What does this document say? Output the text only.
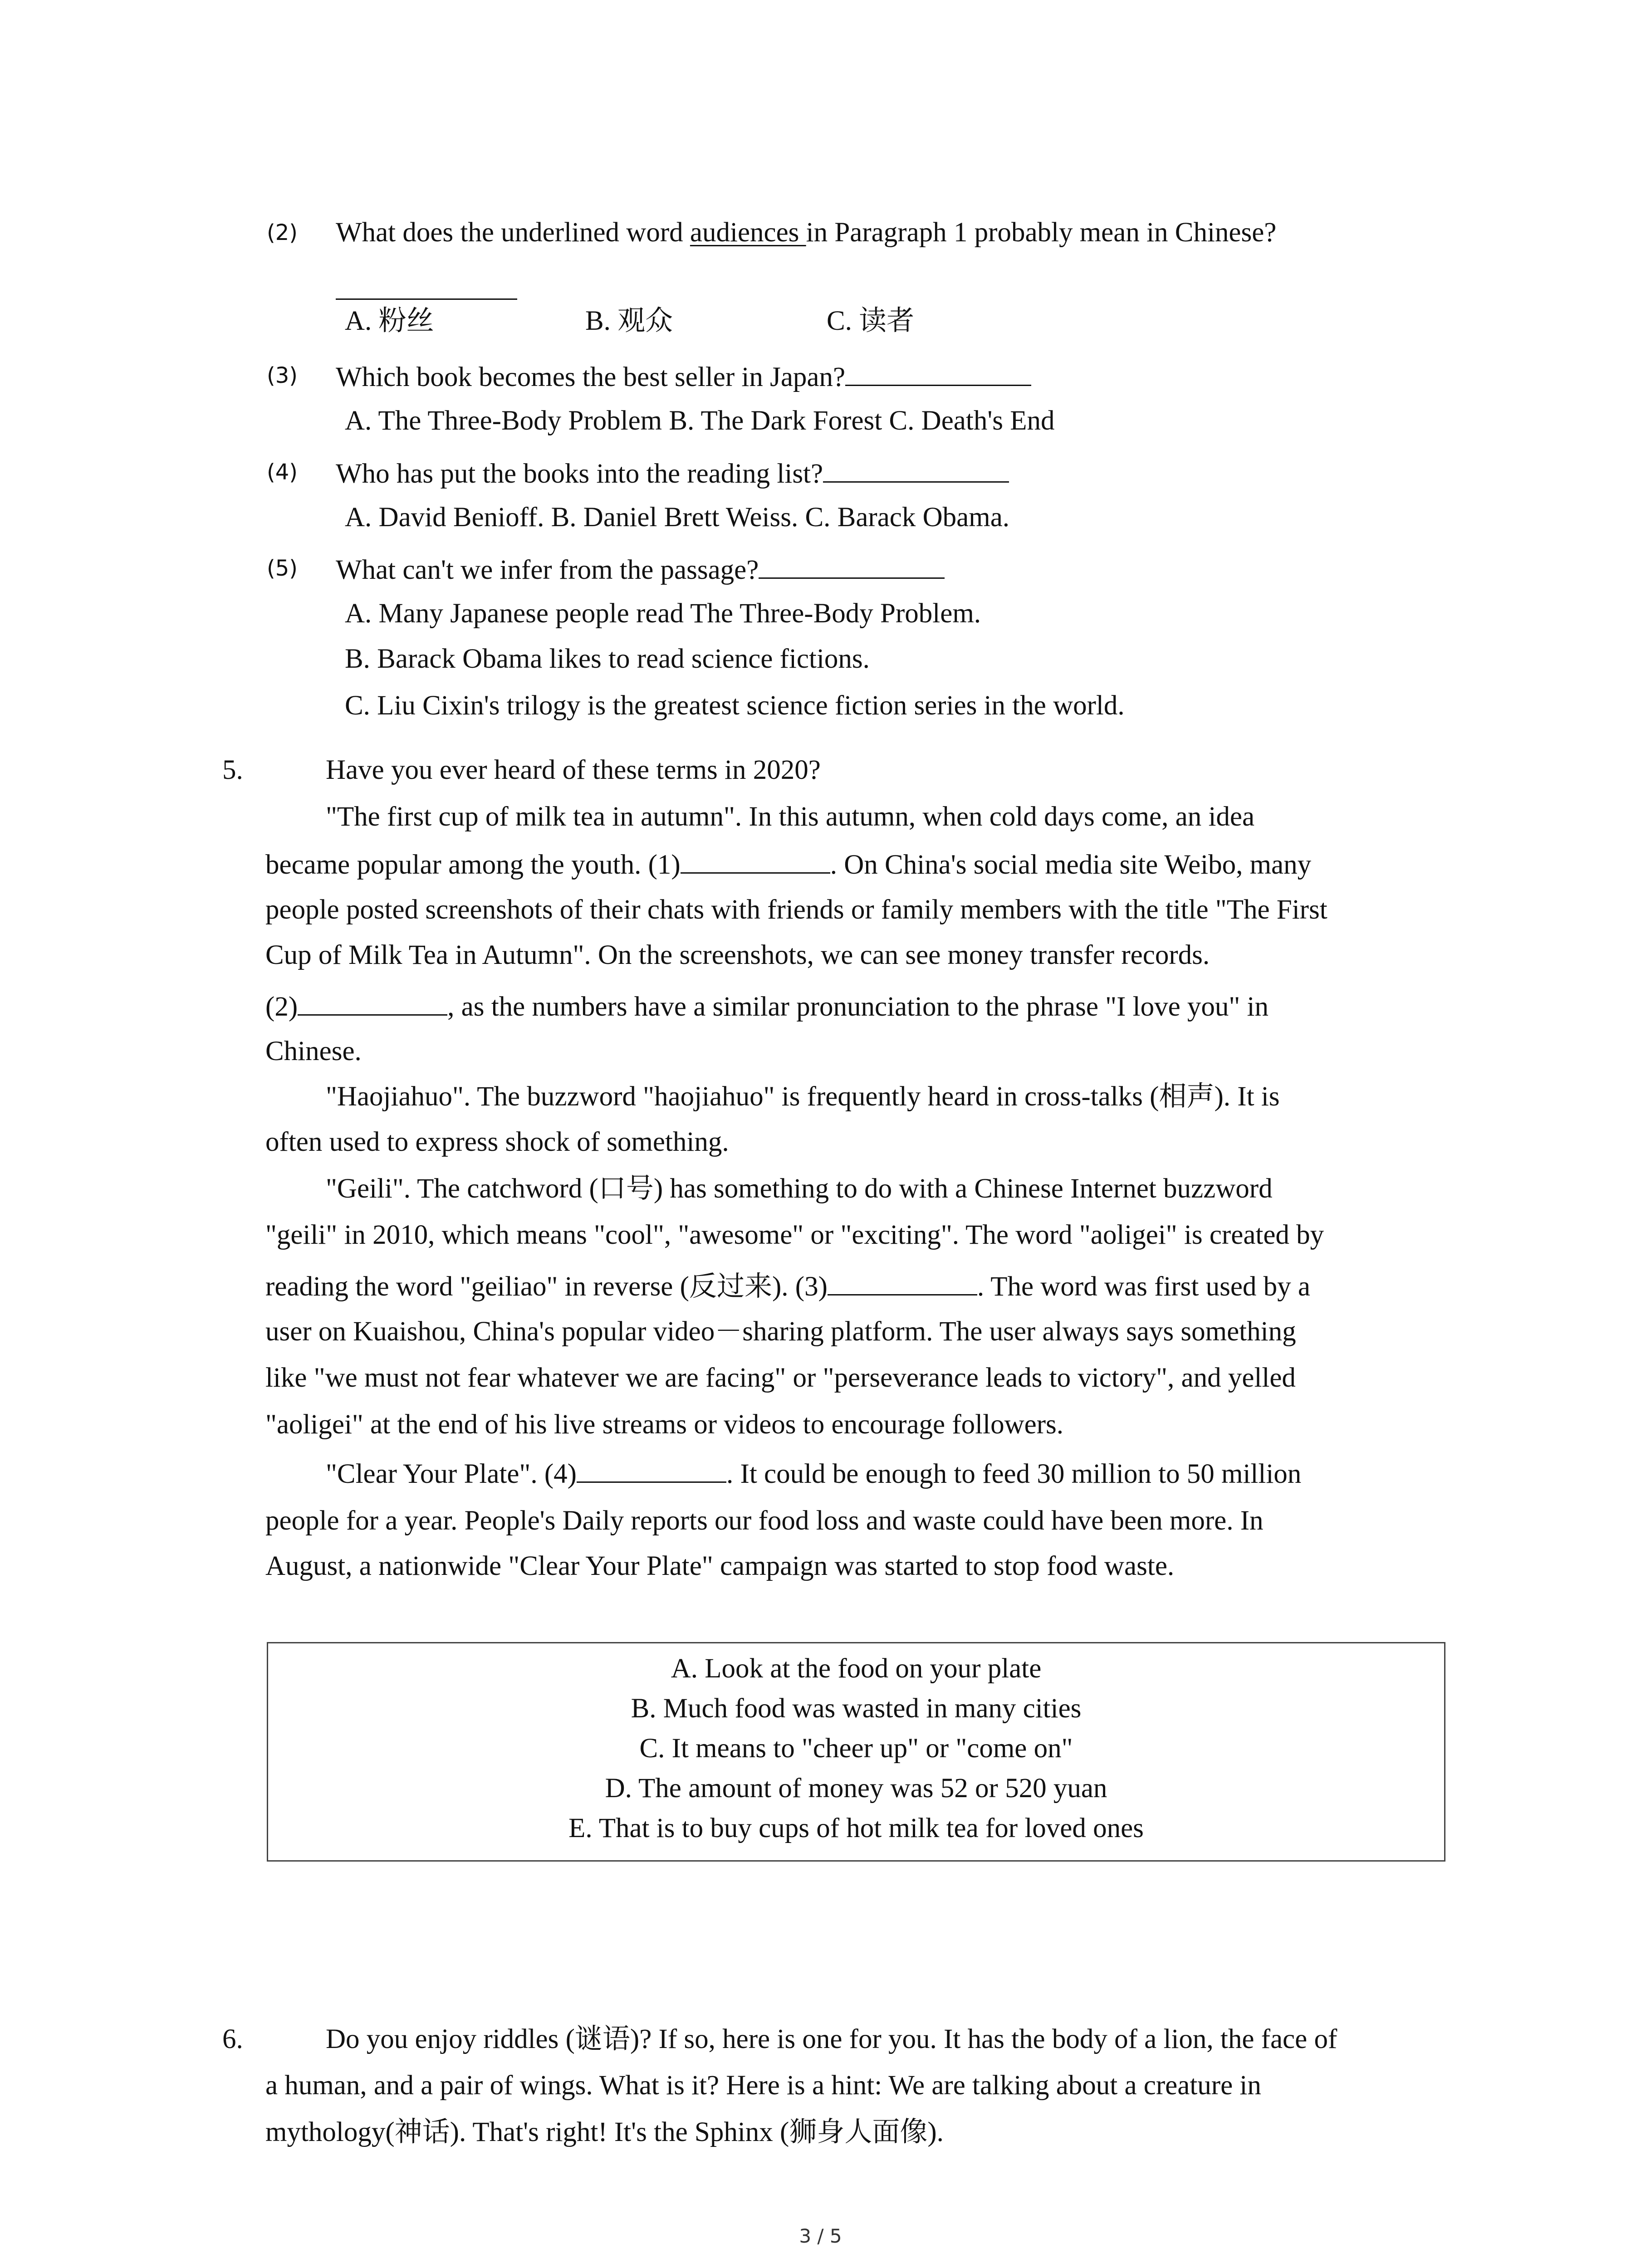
(2) What does the underlined word audiences in Paragraph 1 probably mean in Chinese?
A. 粉丝	B. 观众	C. 读者
(3) Which book becomes the best seller in Japan?
A. The Three-Body Problem B. The Dark Forest C. Death's End
(4) Who has put the books into the reading list?
A. David Benioff. B. Daniel Brett Weiss. C. Barack Obama.
(5) What can't we infer from the passage?
A. Many Japanese people read The Three-Body Problem.
B. Barack Obama likes to read science fictions.
C. Liu Cixin's trilogy is the greatest science fiction series in the world.
5.	Have you ever heard of these terms in 2020?
"The first cup of milk tea in autumn". In this autumn, when cold days come, an idea
became popular among the youth. (1)	. On China's social media site Weibo, many
people posted screenshots of their chats with friends or family members with the title "The First
Cup of Milk Tea in Autumn". On the screenshots, we can see money transfer records.
(2)	, as the numbers have a similar pronunciation to the phrase "I love you" in
Chinese.
"Haojiahuo". The buzzword "haojiahuo" is frequently heard in cross-talks (相声). It is
often used to express shock of something.
"Geili". The catchword (口号) has something to do with a Chinese Internet buzzword
"geili" in 2010, which means "cool", "awesome" or "exciting". The word "aoligei" is created by
reading the word "geiliao" in reverse (反过来). (3)	. The word was first used by a
user on Kuaishou, China's popular video－sharing platform. The user always says something
like "we must not fear whatever we are facing" or "perseverance leads to victory", and yelled
"aoligei" at the end of his live streams or videos to encourage followers.
"Clear Your Plate". (4)	. It could be enough to feed 30 million to 50 million
people for a year. People's Daily reports our food loss and waste could have been more. In
August, a nationwide "Clear Your Plate" campaign was started to stop food waste.
A. Look at the food on your plate
B. Much food was wasted in many cities
C. It means to "cheer up" or "come on"
D. The amount of money was 52 or 520 yuan
E. That is to buy cups of hot milk tea for loved ones
6.	Do you enjoy riddles (谜语)? If so, here is one for you. It has the body of a lion, the face of
a human, and a pair of wings. What is it? Here is a hint: We are talking about a creature in
mythology(神话). That's right! It's the Sphinx (狮身人面像).
3 / 5
